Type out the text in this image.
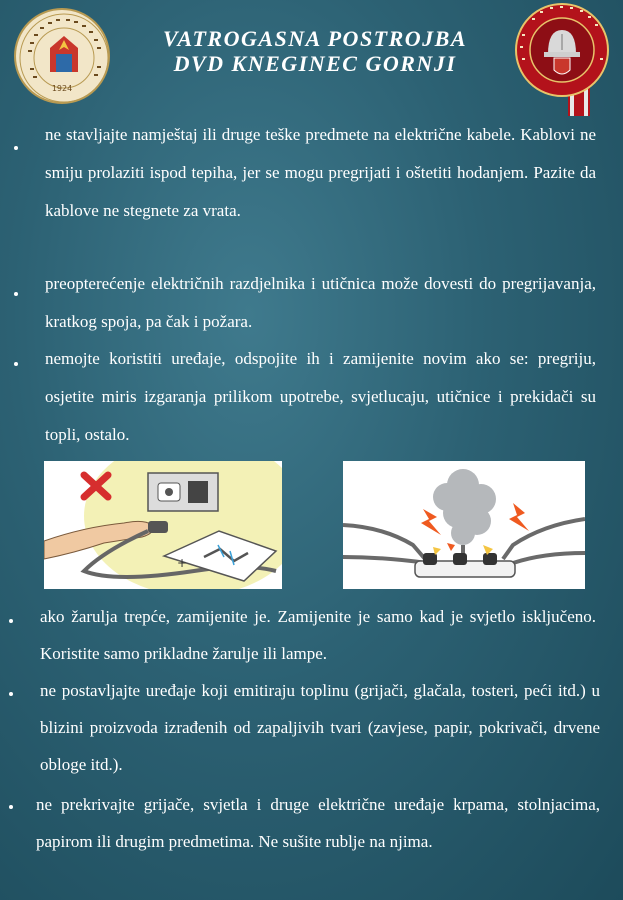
1924
VATROGASNA POSTROJBA
DVD KNEGINEC GORNJI

ne stavljajte namještaj ili druge teške predmete na električne kabele. Kablovi ne smiju prolaziti ispod tepiha, jer se mogu pregrijati i oštetiti hodanjem. Pazite da kablove ne stegnete za vrata.

preopterećenje električnih razdjelnika i utičnica može dovesti do pregrijavanja, kratkog spoja, pa čak i požara.

nemojte koristiti uređaje, odspojite ih i zamijenite novim ako se: pregriju, osjetite miris izgaranja prilikom upotrebe, svjetlucaju, utičnice i prekidači su topli, ostalo.

+

ako žarulja trepće, zamijenite je. Zamijenite je samo kad je svjetlo isključeno. Koristite samo prikladne žarulje ili lampe.

ne postavljajte uređaje koji emitiraju toplinu (grijači, glačala, tosteri, peći itd.) u blizini proizvoda izrađenih od zapaljivih tvari (zavjese, papir, pokrivači, drvene obloge itd.).

ne prekrivajte grijače, svjetla i druge električne uređaje krpama, stolnjacima, papirom ili drugim predmetima. Ne sušite rublje na njima.
